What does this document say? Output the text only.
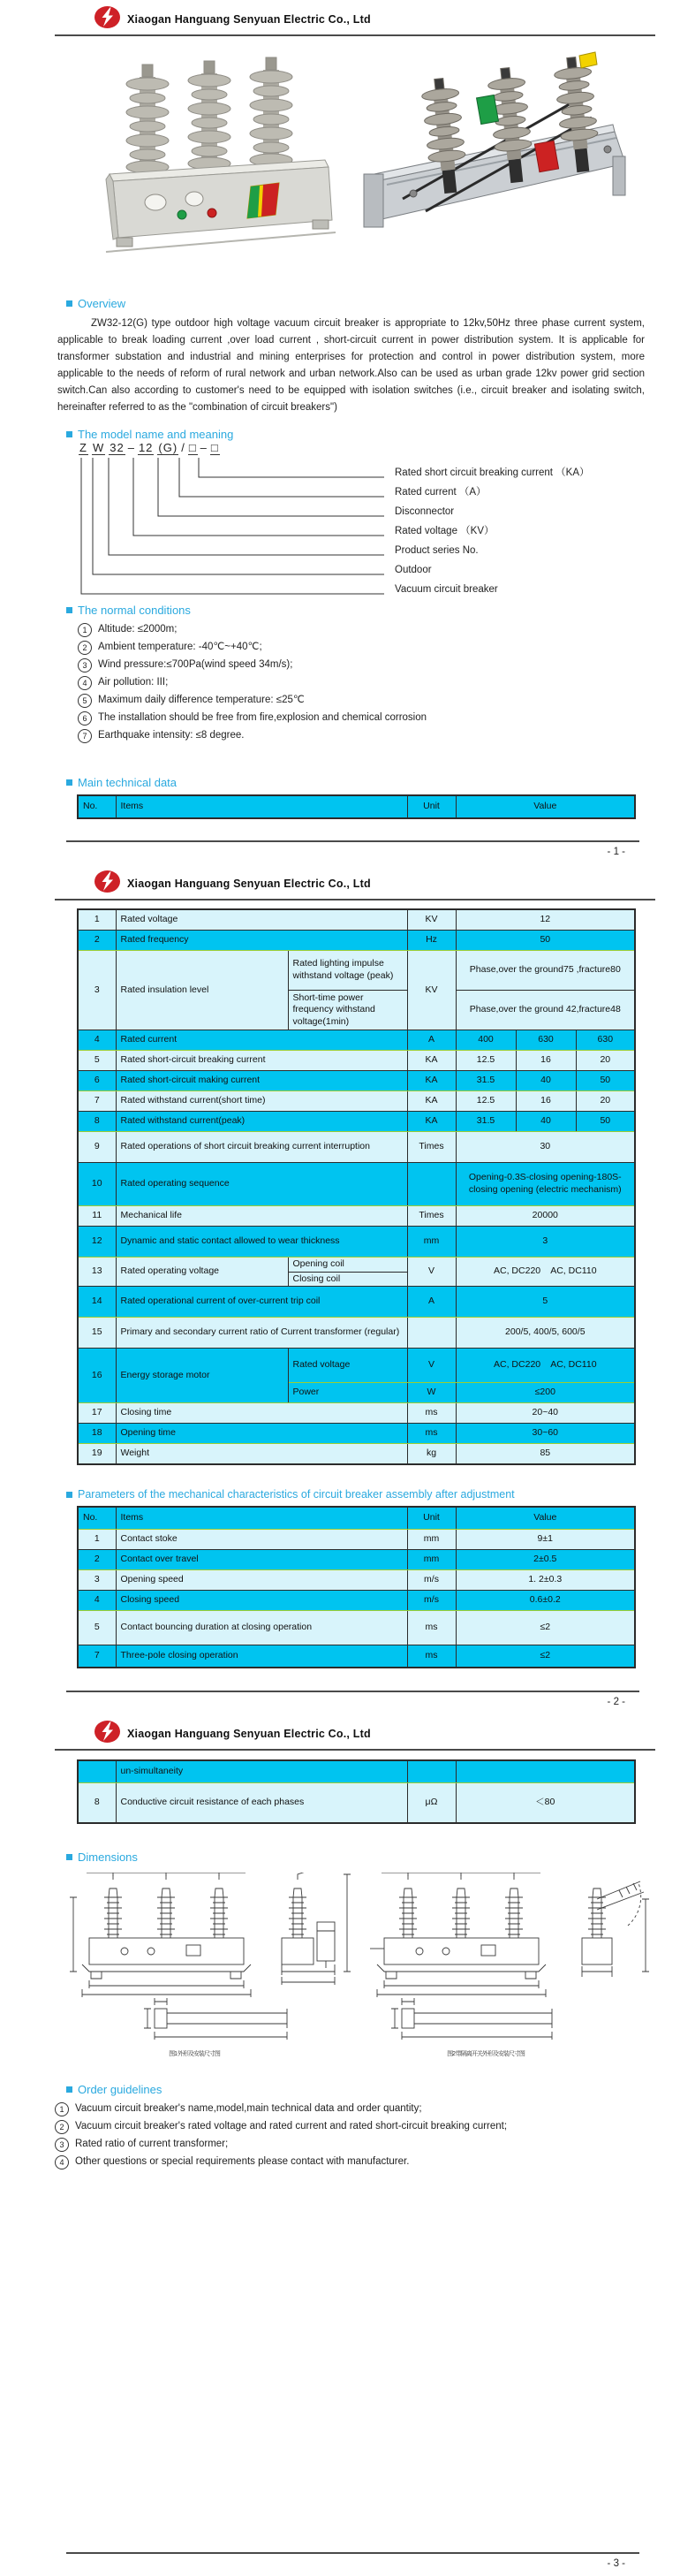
Xiaogan Hanguang Senyuan Electric Co., Ltd
Overview
ZW32-12(G) type outdoor high voltage vacuum circuit breaker is appropriate to 12kv,50Hz three phase current system, applicable to break loading current ,over load current , short-circuit current in power distribution system. It is applicable for transformer substation and industrial and mining enterprises for protection and control in power distribution system, more applicable to the needs of reform of rural network and urban network.Also can be used as urban grade 12kv power grid section switch.Can also according to customer's need to be equipped with isolation switches (i.e., circuit breaker and isolating switch, hereinafter referred to as the "combination of circuit breakers")
The model name and meaning
Z W 32 – 12 (G) / □ – □
Rated short circuit breaking current （KA）
Rated current （A）
Disconnector
Rated voltage （KV）
Product series No.
Outdoor
Vacuum circuit breaker
The normal conditions
1	Altitude: ≤2000m;
2	Ambient temperature: -40℃~+40℃;
3	Wind pressure:≤700Pa(wind speed 34m/s);
4	Air pollution: III;
5	Maximum daily difference temperature: ≤25℃
6	The installation should be free from fire,explosion and chemical corrosion
7	Earthquake intensity: ≤8 degree.
Main technical data
No.	Items	Unit	Value
- 1 -
Xiaogan Hanguang Senyuan Electric Co., Ltd
1	Rated voltage		KV	12		
2	Rated frequency		Hz	50		
3	Rated insulation level	Rated lighting impulse withstand voltage (peak)	KV	Phase,over the ground75 ,fracture80		
		Short-time power frequency withstand voltage(1min)		Phase,over the ground 42,fracture48		
4	Rated current		A	400	630	630
5	Rated short-circuit breaking current		KA	12.5	16	20
6	Rated short-circuit making current		KA	31.5	40	50
7	Rated withstand current(short time)		KA	12.5	16	20
8	Rated withstand current(peak)		KA	31.5	40	50
9	Rated operations of short circuit breaking current interruption		Times	30		
10	Rated operating sequence			Opening-0.3S-closing opening-180S-closing opening (electric mechanism)		
11	Mechanical life		Times	20000		
12	Dynamic and static contact allowed to wear thickness		mm	3		
13	Rated operating voltage	Opening coil	V	AC, DC220    AC, DC110		
		Closing coil				
14	Rated operational current of over-current trip coil		A	5		
15	Primary and secondary current ratio of Current transformer (regular)			200/5, 400/5, 600/5		
16	Energy storage motor	Rated voltage	V	AC, DC220    AC, DC110		
		Power	W	≤200		
17	Closing time		ms	20~40		
18	Opening time		ms	30~60		
19	Weight		kg	85		
Parameters of the mechanical characteristics of circuit breaker assembly after adjustment
No.	Items	Unit	Value
1	Contact stoke	mm	9±1
2	Contact over travel	mm	2±0.5
3	Opening speed	m/s	1. 2±0.3
4	Closing speed	m/s	0.6±0.2
5	Contact bouncing duration at closing operation	ms	≤2
7	Three-pole closing operation	ms	≤2
- 2 -
Xiaogan Hanguang Senyuan Electric Co., Ltd
	un-simultaneity		
8	Conductive circuit resistance of each phases	μΩ	＜80
Dimensions
图1 外形及安装尺寸图	图2 带隔离开关外形及安装尺寸图
Order guidelines
1	Vacuum circuit breaker's name,model,main technical data and order quantity;
2	Vacuum circuit breaker's rated voltage and rated current and rated short-circuit breaking current;
3	Rated ratio of current transformer;
4	Other questions or special requirements please contact with manufacturer.
- 3 -
